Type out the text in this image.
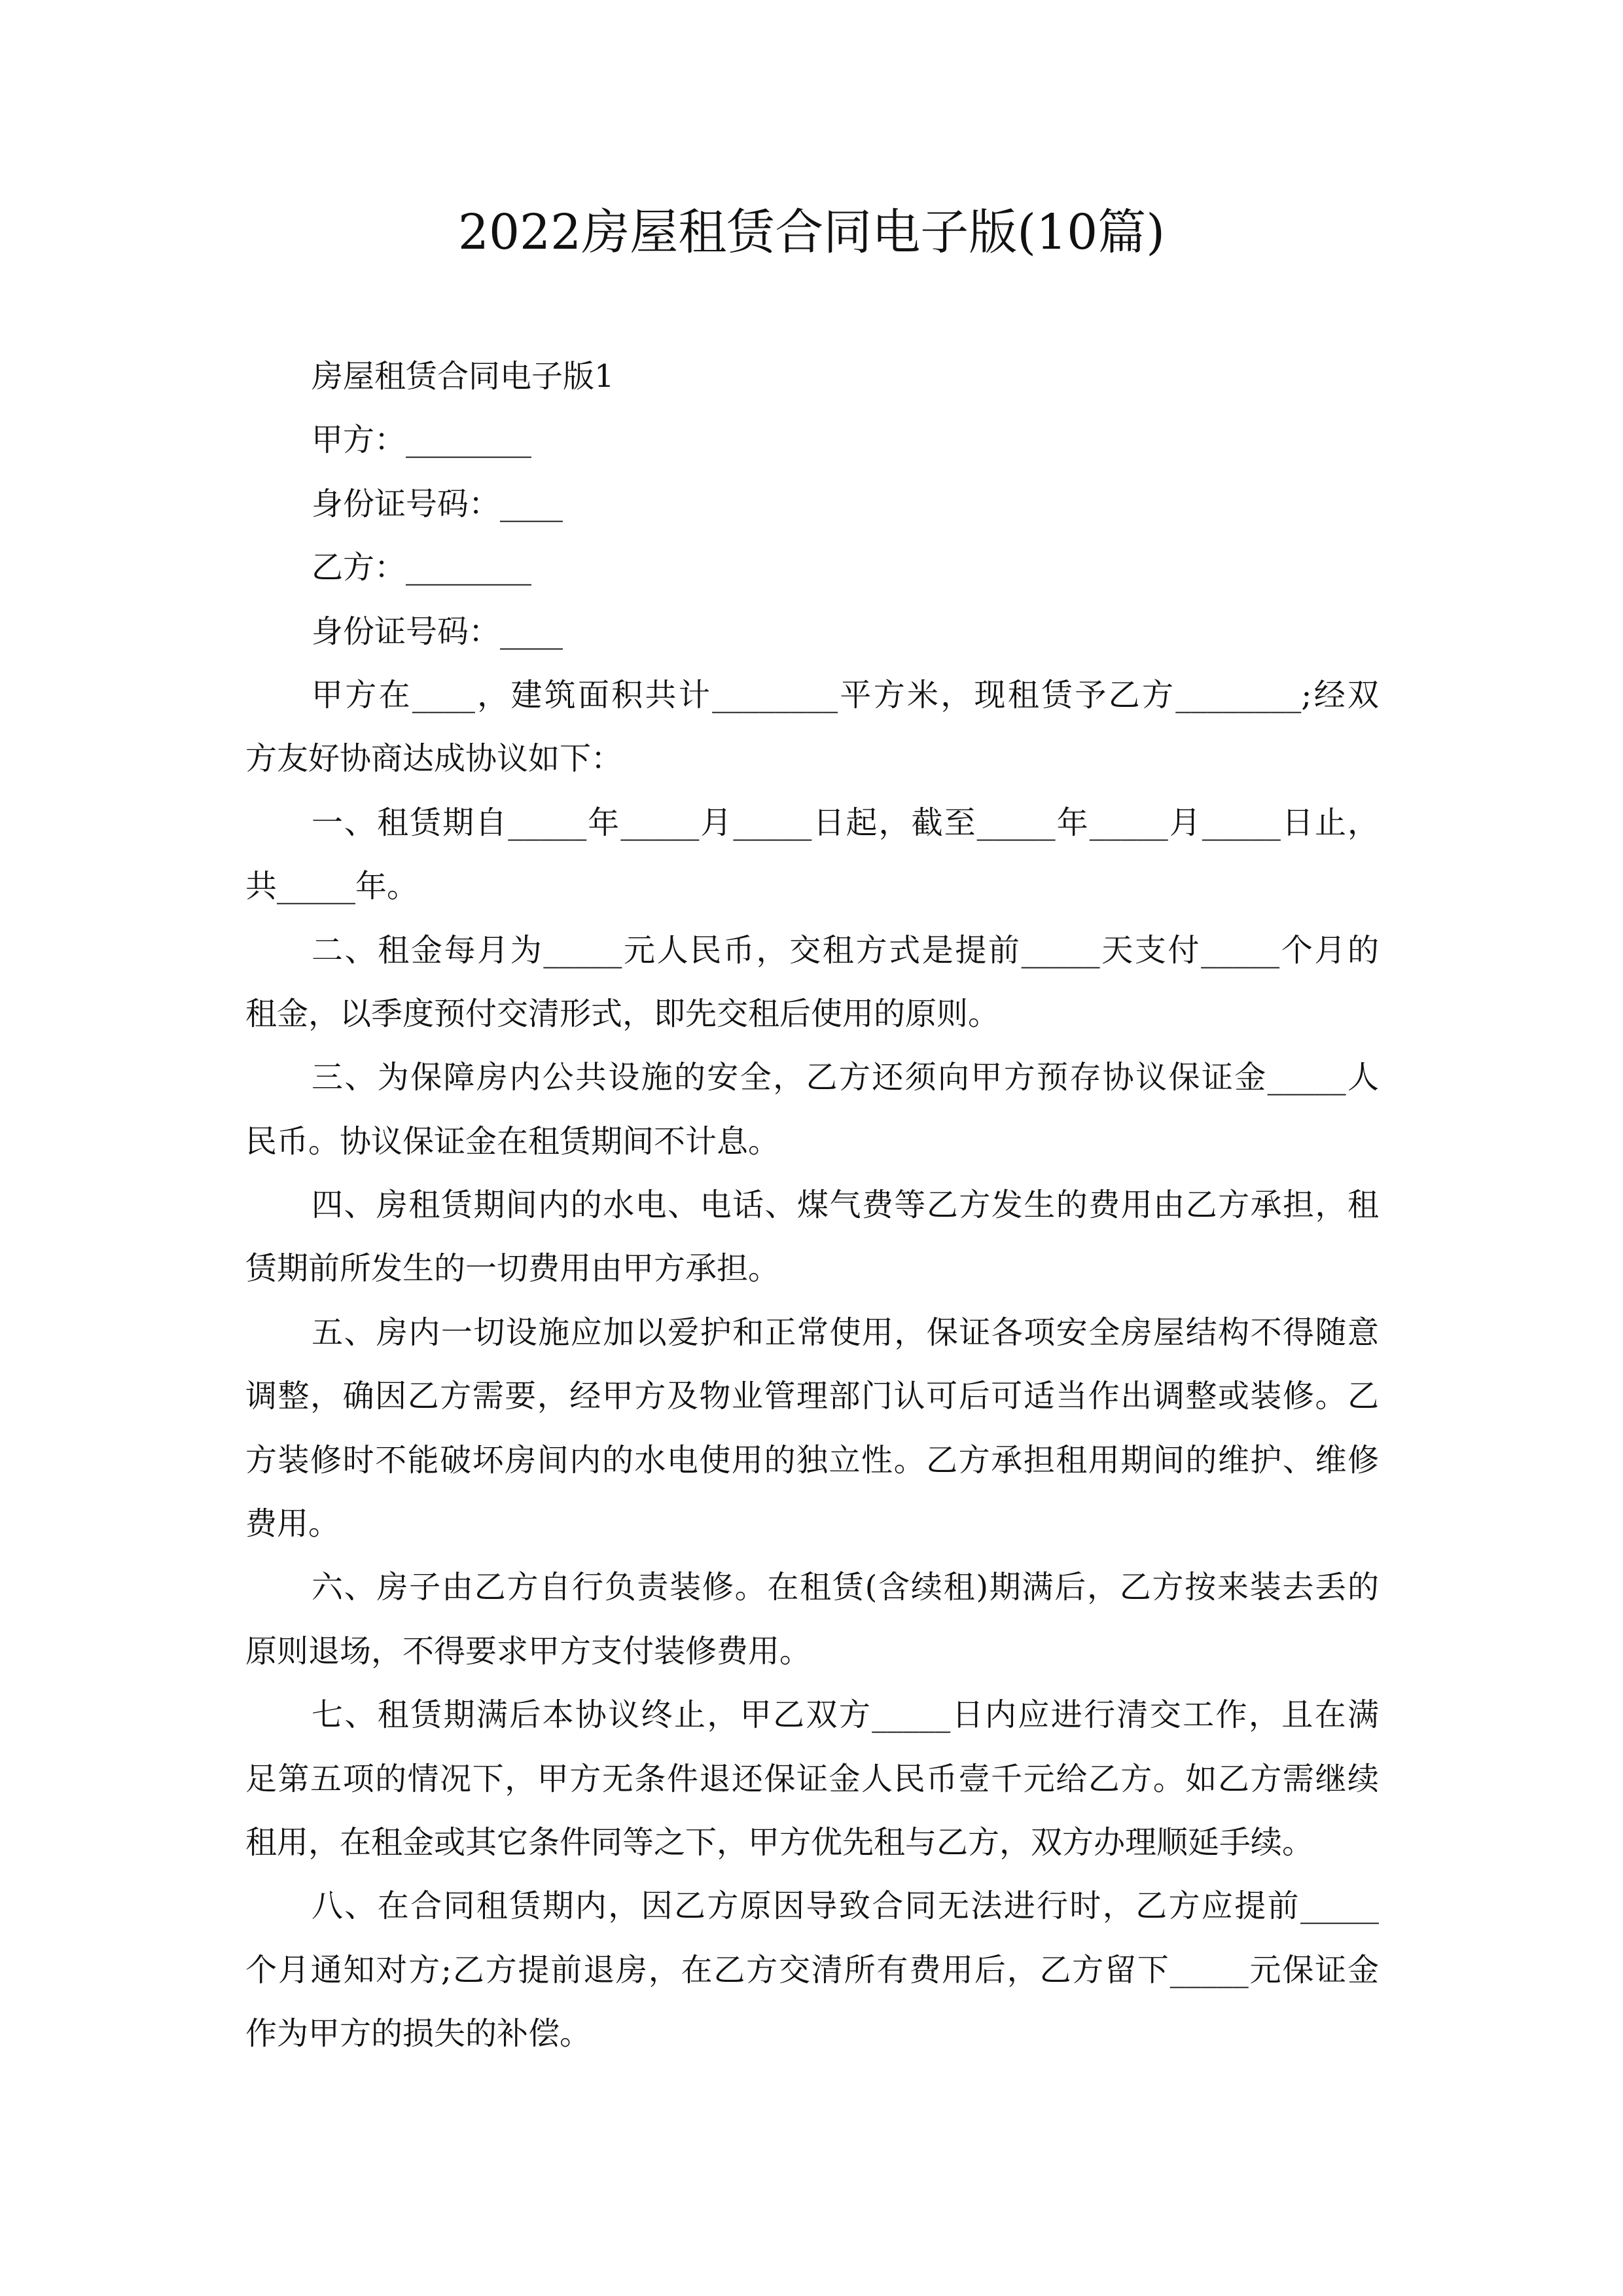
2022房屋租赁合同电子版(10篇)
房屋租赁合同电子版1
甲方：________
身份证号码：____
乙方：________
身份证号码：____
甲方在____，建筑面积共计________平方米，现租赁予乙方________;经双
方友好协商达成协议如下：
一、租赁期自_____年_____月_____日起，截至_____年_____月_____日止，
共_____年。
二、租金每月为_____元人民币，交租方式是提前_____天支付_____个月的
租金，以季度预付交清形式，即先交租后使用的原则。
三、为保障房内公共设施的安全，乙方还须向甲方预存协议保证金_____人
民币。协议保证金在租赁期间不计息。
四、房租赁期间内的水电、电话、煤气费等乙方发生的费用由乙方承担，租
赁期前所发生的一切费用由甲方承担。
五、房内一切设施应加以爱护和正常使用，保证各项安全房屋结构不得随意
调整，确因乙方需要，经甲方及物业管理部门认可后可适当作出调整或装修。乙
方装修时不能破坏房间内的水电使用的独立性。乙方承担租用期间的维护、维修
费用。
六、房子由乙方自行负责装修。在租赁(含续租)期满后，乙方按来装去丢的
原则退场，不得要求甲方支付装修费用。
七、租赁期满后本协议终止，甲乙双方_____日内应进行清交工作，且在满
足第五项的情况下，甲方无条件退还保证金人民币壹千元给乙方。如乙方需继续
租用，在租金或其它条件同等之下，甲方优先租与乙方，双方办理顺延手续。
八、在合同租赁期内，因乙方原因导致合同无法进行时，乙方应提前_____
个月通知对方;乙方提前退房，在乙方交清所有费用后，乙方留下_____元保证金
作为甲方的损失的补偿。
